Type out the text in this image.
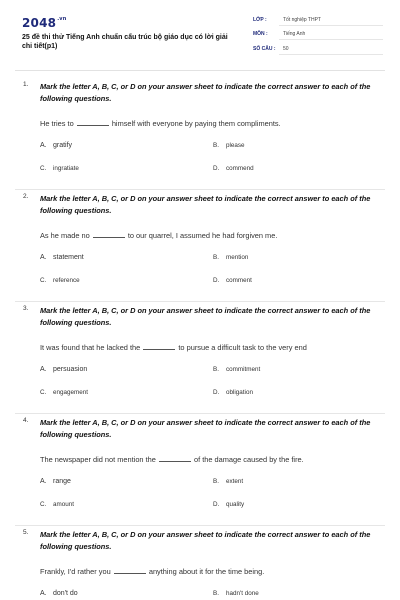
$2048^{.vn}$
25 đề thi thử Tiếng Anh chuẩn cấu trúc bộ giáo dục có lời giải chi tiết(p1)
LỚP :	Tốt nghiệp THPT
MÔN :	Tiếng Anh
SỐ CÂU : 50
1. Mark the letter A, B, C, or D on your answer sheet to indicate the correct answer to each of the following questions.
He tries to	himself with everyone by paying them compliments.
A. gratify	B. please
C. ingratiate	D. commend
2. Mark the letter A, B, C, or D on your answer sheet to indicate the correct answer to each of the following questions.
As he made no	to our quarrel, I assumed he had forgiven me.
A. statement	B. mention
C. reference	D. comment
3. Mark the letter A, B, C, or D on your answer sheet to indicate the correct answer to each of the following questions.
It was found that he lacked the	to pursue a difficult task to the very end
A. persuasion	B. commitment
C. engagement	D. obligation
4. Mark the letter A, B, C, or D on your answer sheet to indicate the correct answer to each of the following questions.
The newspaper did not mention the	of the damage caused by the fire.
A. range	B. extent
C. amount	D. quality
5. Mark the letter A, B, C, or D on your answer sheet to indicate the correct answer to each of the following questions.
Frankly, I'd rather you	anything about it for the time being.
A. don't do	B. hadn't done
